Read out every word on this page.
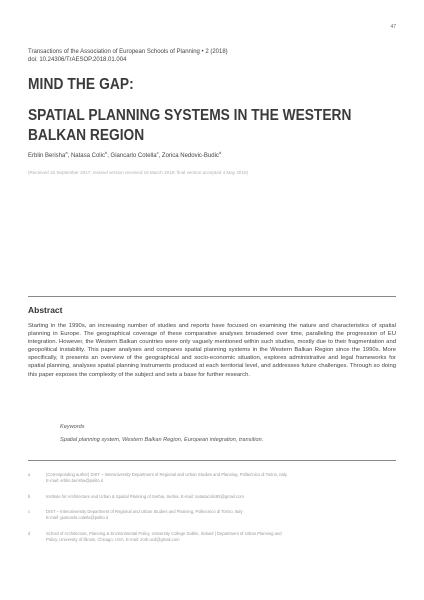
47
Transactions of the Association of European Schools of Planning • 2 (2018)
doi: 10.24306/TrAESOP.2018.01.004
MIND THE GAP:
SPATIAL PLANNING SYSTEMS IN THE WESTERN BALKAN REGION
Erblin Berisha$^a$, Natasa Colic$^b$, Giancarlo Cotella$^c$, Zorica Nedovic-Budic$^d$
(Received 16 September 2017; revised version received 16 March 2018; final version accepted 4 May 2018)
Abstract
Starting in the 1990s, an increasing number of studies and reports have focused on examining the nature and characteristics of spatial planning in Europe. The geographical coverage of these comparative analyses broadened over time, paralleling the progression of EU integration. However, the Western Balkan countries were only vaguely mentioned within such studies, mostly due to their fragmentation and geopolitical instability. This paper analyses and compares spatial planning systems in the Western Balkan Region since the 1990s. More specifically, it presents an overview of the geographical and socio-economic situation, explores administrative and legal frameworks for spatial planning, analyses spatial planning instruments produced at each territorial level, and addresses future challenges. Through so doing this paper exposes the complexity of the subject and sets a base for further research.
Keywords
Spatial planning system, Western Balkan Region, European integration, transition.
a	(Corresponding author) DIST – Interuniversity Department of Regional and Urban Studies and Planning, Politecnico di Torino, Italy
E-mail: erblin.berisha@polito.it
b	Institute for Architecture and Urban & Spatial Planning of Serbia, Serbia. E-mail: natasacolic85@gmail.com
c	DIST – Interuniversity Department of Regional and Urban Studies and Planning, Politecnico di Torino, Italy
E-mail: giancarlo.cotella@polito.it
d	School of Architecture, Planning & Environmental Policy, University College Dublin, Ireland | Department of Urban Planning and
Policy, University of Illinois, Chicago, USA. E-mail: zorb.ucd@gmail.com
